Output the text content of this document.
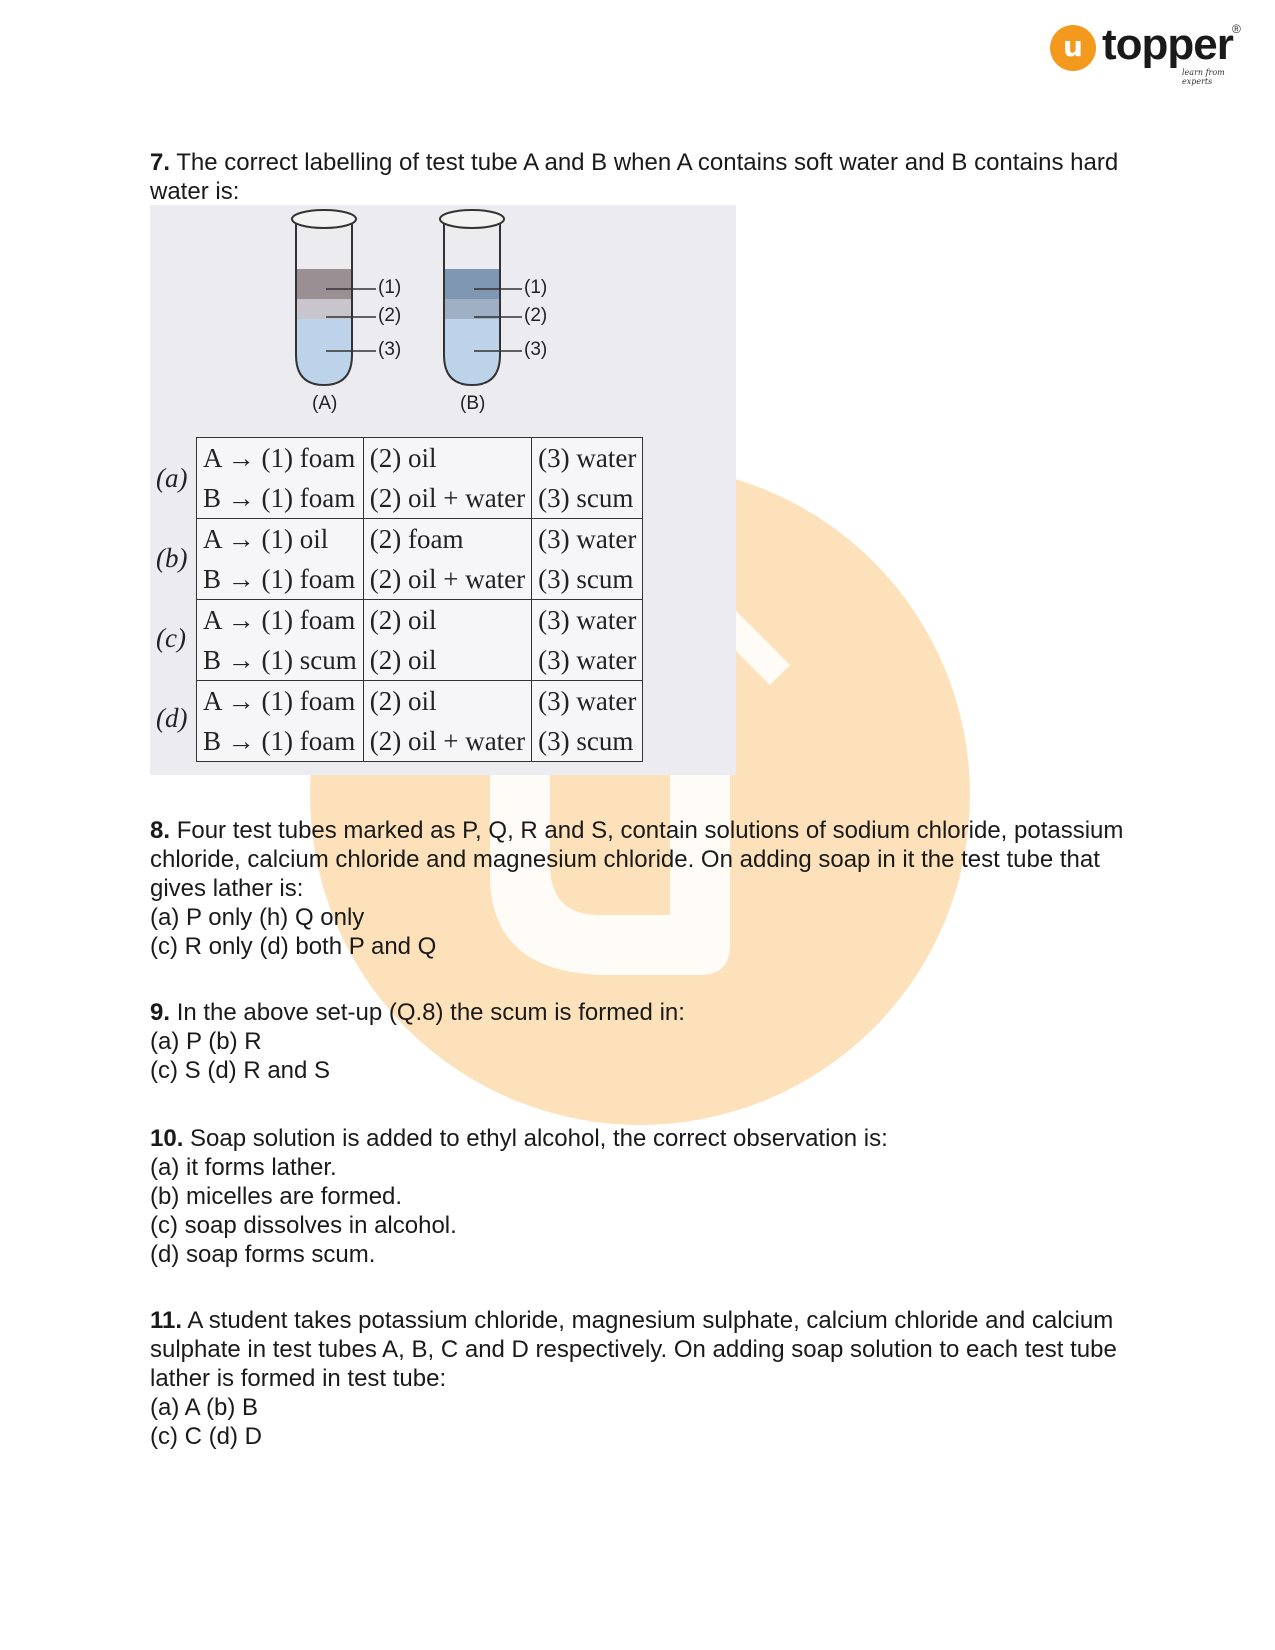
u topper ®
learn from experts

7. The correct labelling of test tube A and B when A contains soft water and B contains hard water is:

(1)
(2)
(3)
(1)
(2)
(3)
(A)	(B)
(a)
(b)
(c)
(d)
A → (1) foam	(2) oil	(3) water
B → (1) foam	(2) oil + water	(3) scum
A → (1) oil	(2) foam	(3) water
B → (1) foam	(2) oil + water	(3) scum
A → (1) foam	(2) oil	(3) water
B → (1) scum	(2) oil	(3) water
A → (1) foam	(2) oil	(3) water
B → (1) foam	(2) oil + water	(3) scum

8. Four test tubes marked as P, Q, R and S, contain solutions of sodium chloride, potassium chloride, calcium chloride and magnesium chloride. On adding soap in it the test tube that gives lather is:

(a) P only (h) Q only

(c) R only (d) both P and Q

9. In the above set-up (Q.8) the scum is formed in:

(a) P (b) R

(c) S (d) R and S

10. Soap solution is added to ethyl alcohol, the correct observation is:

(a) it forms lather.

(b) micelles are formed.

(c) soap dissolves in alcohol.

(d) soap forms scum.

11. A student takes potassium chloride, magnesium sulphate, calcium chloride and calcium sulphate in test tubes A, B, C and D respectively. On adding soap solution to each test tube lather is formed in test tube:

(a) A (b) B

(c) C (d) D
